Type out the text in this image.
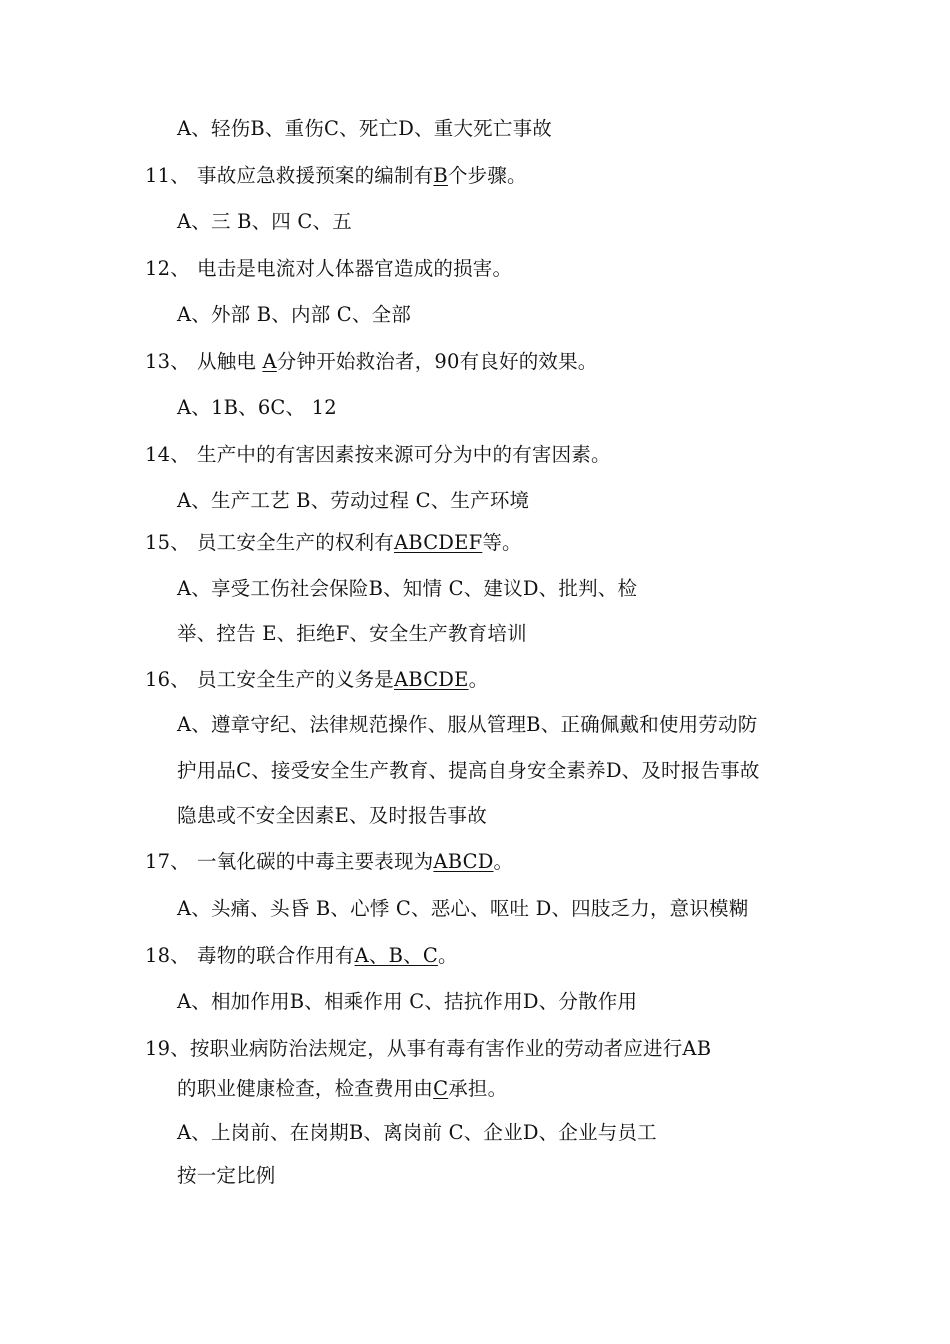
A、轻伤B、重伤C、死亡D、重大死亡事故
11、 事故应急救援预案的编制有B个步骤。
A、三 B、四 C、五
12、 电击是电流对人体器官造成的损害。
A、外部 B、内部 C、全部
13、 从触电 A分钟开始救治者，90有良好的效果。
A、1B、6C、 12
14、 生产中的有害因素按来源可分为中的有害因素。
A、生产工艺 B、劳动过程 C、生产环境
15、 员工安全生产的权利有ABCDEF等。
A、享受工伤社会保险B、知情 C、建议D、批判、检
举、控告 E、拒绝F、安全生产教育培训
16、 员工安全生产的义务是ABCDE。
A、遵章守纪、法律规范操作、服从管理B、正确佩戴和使用劳动防
护用品C、接受安全生产教育、提高自身安全素养D、及时报告事故
隐患或不安全因素E、及时报告事故
17、 一氧化碳的中毒主要表现为ABCD。
A、头痛、头昏 B、心悸 C、恶心、呕吐 D、四肢乏力，意识模糊
18、 毒物的联合作用有A、B、C。
A、相加作用B、相乘作用 C、拮抗作用D、分散作用
19、按职业病防治法规定，从事有毒有害作业的劳动者应进行AB
的职业健康检查，检查费用由C承担。
A、上岗前、在岗期B、离岗前 C、企业D、企业与员工
按一定比例
